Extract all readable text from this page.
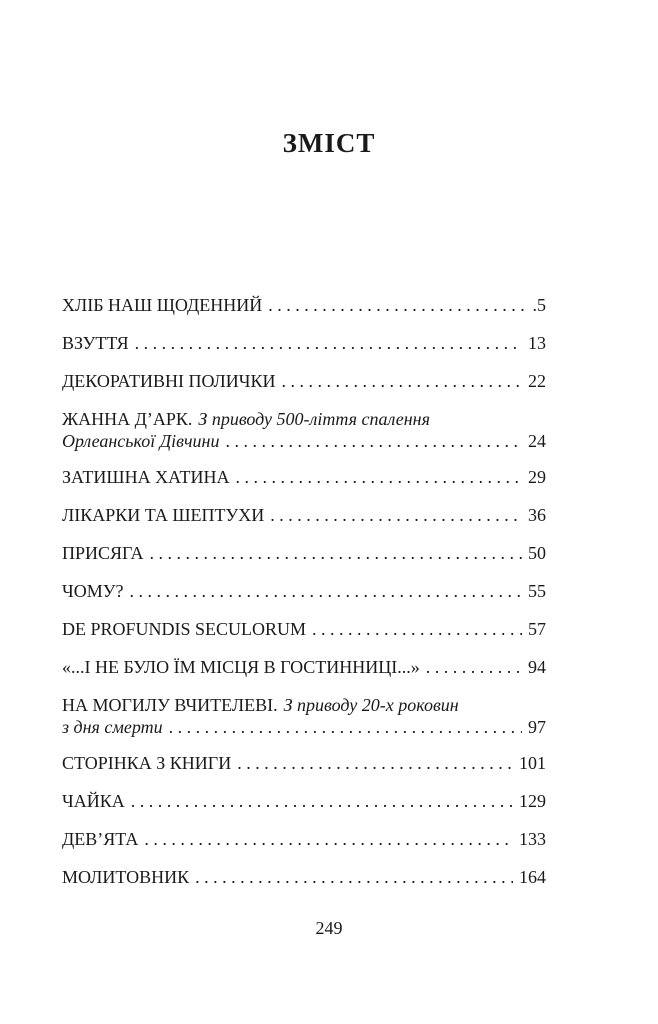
ЗМІСТ
ХЛІБ НАШ ЩОДЕННИЙ . . .	.5
ВЗУТТЯ . . .	13
ДЕКОРАТИВНІ ПОЛИЧКИ . . .	22
ЖАННА Д’АРК. З приводу 500-ліття спалення
Орлеанської Дівчини . . .	24
ЗАТИШНА ХАТИНА . . .	29
ЛІКАРКИ ТА ШЕПТУХИ . . .	36
ПРИСЯГА . . .	50
ЧОМУ? . . .	55
DE PROFUNDIS SECULORUM . . .	57
«...І НЕ БУЛО ЇМ МІСЦЯ В ГОСТИННИЦІ...» . . .	94
НА МОГИЛУ ВЧИТЕЛЕВІ. З приводу 20-х роковин
з дня смерти . . .	97
СТОРІНКА З КНИГИ . . .	101
ЧАЙКА . . .	129
ДЕВ’ЯТА . . .	133
МОЛИТОВНИК . . .	164
249
